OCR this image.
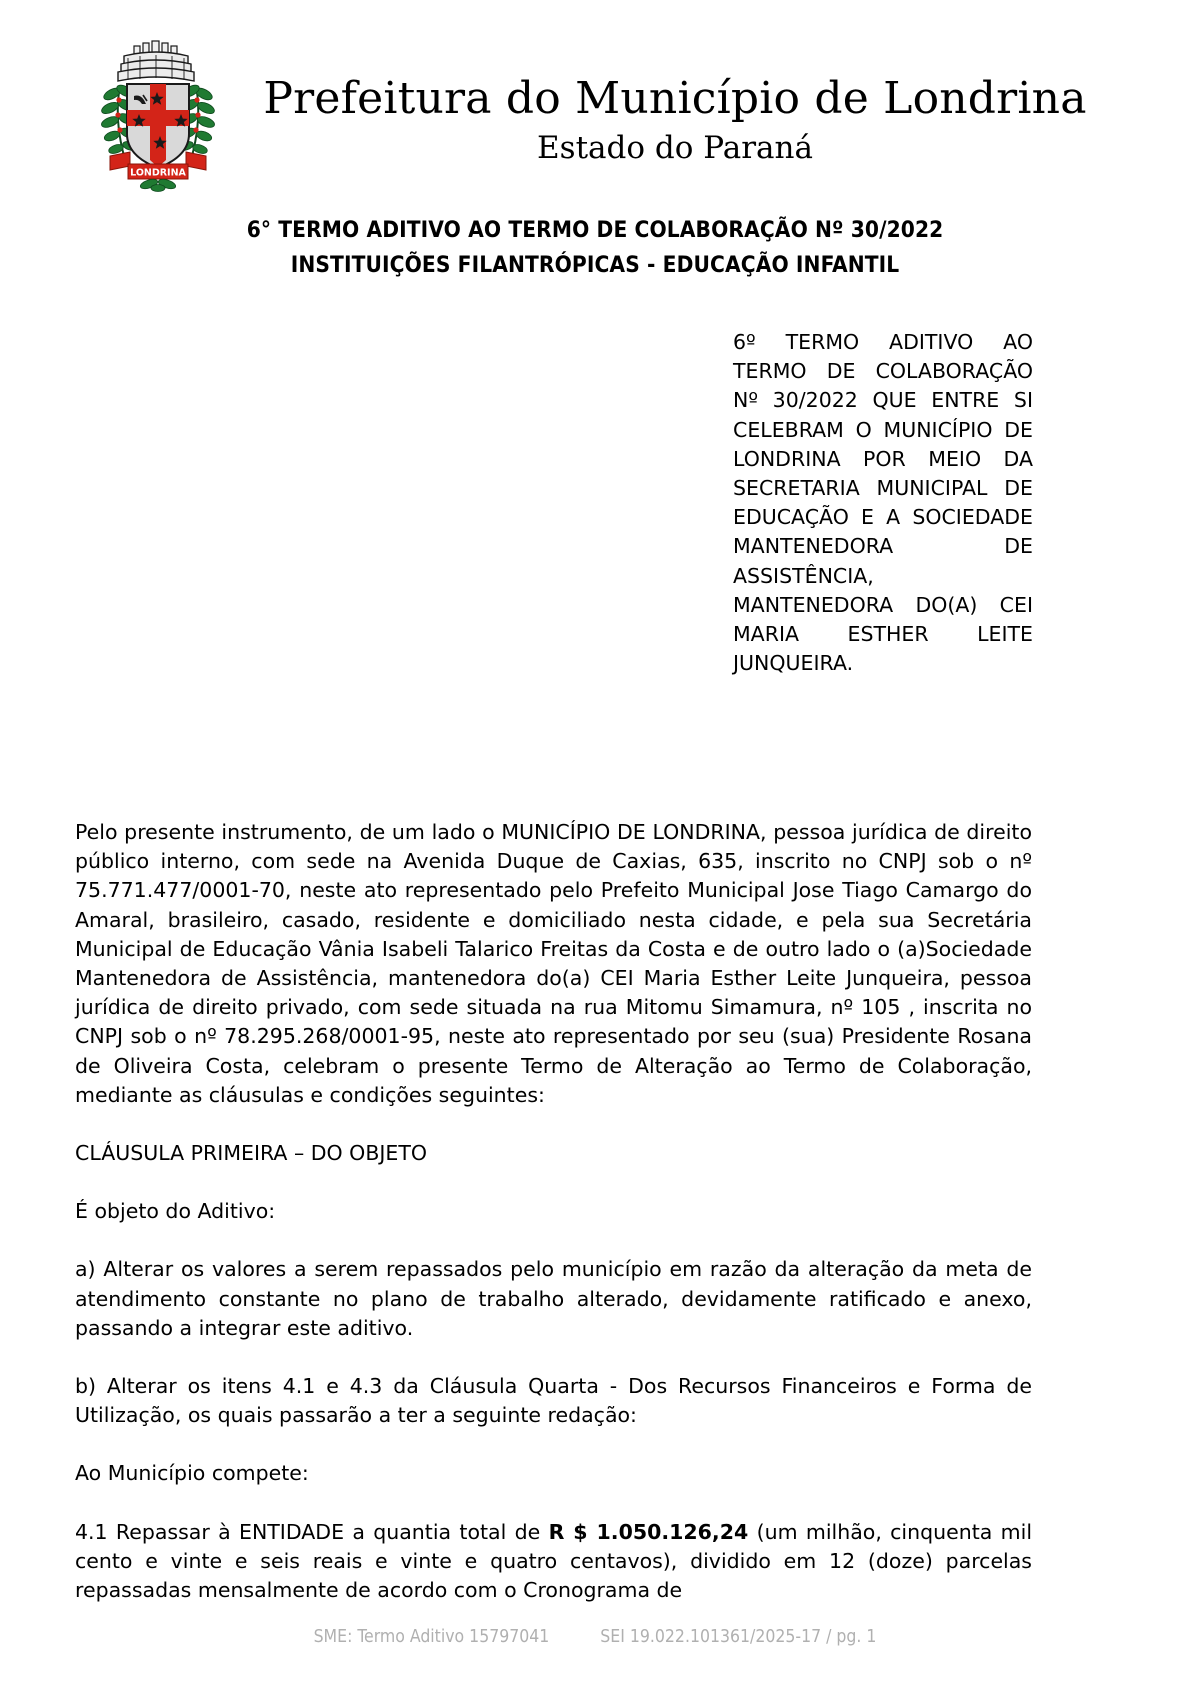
LONDRINA
Prefeitura do Município de Londrina
Estado do Paraná
6° TERMO ADITIVO AO TERMO DE COLABORAÇÃO Nº 30/2022
INSTITUIÇÕES FILANTRÓPICAS - EDUCAÇÃO INFANTIL
6º TERMO ADITIVO AO TERMO DE COLABORAÇÃO Nº 30/2022 QUE ENTRE SI CELEBRAM O MUNICÍPIO DE LONDRINA POR MEIO DA SECRETARIA MUNICIPAL DE EDUCAÇÃO E A SOCIEDADE MANTENEDORA DE ASSISTÊNCIA, MANTENEDORA DO(A) CEI MARIA ESTHER LEITE JUNQUEIRA.

Pelo presente instrumento, de um lado o MUNICÍPIO DE LONDRINA, pessoa jurídica de direito público interno, com sede na Avenida Duque de Caxias, 635, inscrito no CNPJ sob o nº 75.771.477/0001-70, neste ato representado pelo Prefeito Municipal Jose Tiago Camargo do Amaral, brasileiro, casado, residente e domiciliado nesta cidade, e pela sua Secretária Municipal de Educação Vânia Isabeli Talarico Freitas da Costa e de outro lado o (a)Sociedade Mantenedora de Assistência, mantenedora do(a) CEI Maria Esther Leite Junqueira, pessoa jurídica de direito privado, com sede situada na rua Mitomu Simamura, nº 105 , inscrita no CNPJ sob o nº 78.295.268/0001-95, neste ato representado por seu (sua) Presidente Rosana de Oliveira Costa, celebram o presente Termo de Alteração ao Termo de Colaboração, mediante as cláusulas e condições seguintes:

CLÁUSULA PRIMEIRA – DO OBJETO

É objeto do Aditivo:

a) Alterar os valores a serem repassados pelo município em razão da alteração da meta de atendimento constante no plano de trabalho alterado, devidamente ratificado e anexo, passando a integrar este aditivo.

b) Alterar os itens 4.1 e 4.3 da Cláusula Quarta - Dos Recursos Financeiros e Forma de Utilização, os quais passarão a ter a seguinte redação:

Ao Município compete:

4.1 Repassar à ENTIDADE a quantia total de R $ 1.050.126,24 (um milhão, cinquenta mil cento e vinte e seis reais e vinte e quatro centavos), dividido em 12 (doze) parcelas repassadas mensalmente de acordo com o Cronograma de

SME: Termo Aditivo 15797041	SEI 19.022.101361/2025-17 / pg. 1
